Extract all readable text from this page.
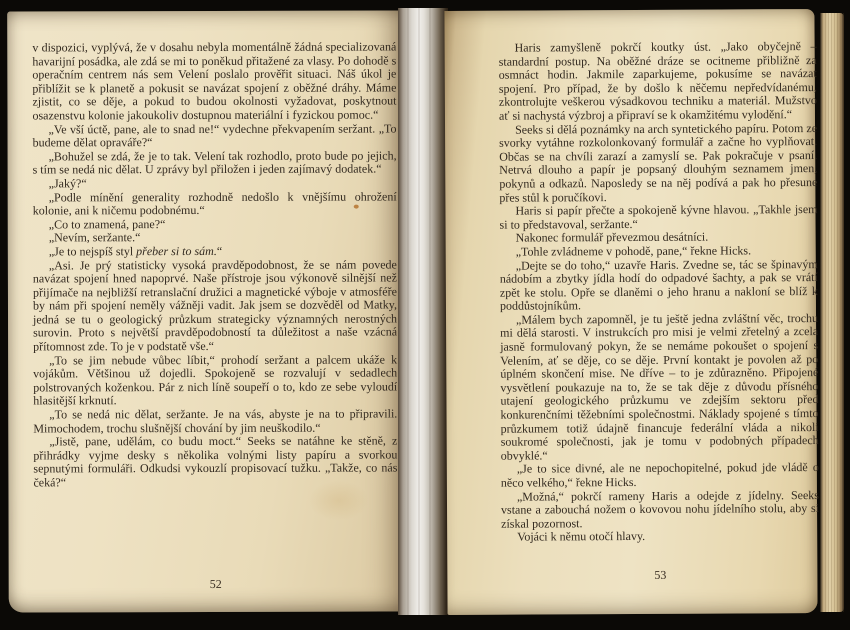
v dispozici, vyplývá, že v dosahu nebyla momentálně žádná specializovaná havarijní posádka, ale zdá se mi to poněkud přitažené za vlasy. Po dohodě s operačním centrem nás sem Velení poslalo prověřit situaci. Náš úkol je přiblížit se k planetě a pokusit se navázat spojení z oběžné dráhy. Máme zjistit, co se děje, a pokud to budou okolnosti vyžadovat, poskytnout osazenstvu kolonie jakoukoliv dostupnou materiální i fyzickou pomoc.“

„Ve vší úctě, pane, ale to snad ne!“ vydechne překvapením seržant. „To budeme dělat opraváře?“

„Bohužel se zdá, že je to tak. Velení tak rozhodlo, proto bude po jejich, s tím se nedá nic dělat. U zprávy byl přiložen i jeden zajímavý dodatek.“

„Jaký?“

„Podle mínění generality rozhodně nedošlo k vnějšímu ohrožení kolonie, ani k ničemu podobnému.“

„Co to znamená, pane?“

„Nevím, seržante.“

„Je to nejspíš styl přeber si to sám.“

„Asi. Je prý statisticky vysoká pravděpodobnost, že se nám povede navázat spojení hned napoprvé. Naše přístroje jsou výkonově silnější než přijímače na nejbližší retranslační družici a magnetické výboje v atmosféře by nám při spojení neměly vážněji vadit. Jak jsem se dozvěděl od Matky, jedná se tu o geologický průzkum strategicky významných nerostných surovin. Proto s největší pravděpodobností ta důležitost a naše vzácná přítomnost zde. To je v podstatě vše.“

„To se jim nebude vůbec líbit,“ prohodí seržant a palcem ukáže k vojákům. Většinou už dojedli. Spokojeně se rozvalují v sedadlech polstrovaných koženkou. Pár z nich líně soupeří o to, kdo ze sebe vyloudí hlasitější krknutí.

„To se nedá nic dělat, seržante. Je na vás, abyste je na to připravili. Mimochodem, trochu slušnější chování by jim neuškodilo.“

„Jistě, pane, udělám, co budu moct.“ Seeks se natáhne ke stěně, z přihrádky vyjme desky s několika volnými listy papíru a svorkou sepnutými formuláři. Odkudsi vykouzlí propisovací tužku. „Takže, co nás čeká?“

52

Haris zamyšleně pokrčí koutky úst. „Jako obyčejně – standardní postup. Na oběžné dráze se ocitneme přibližně za osmnáct hodin. Jakmile zaparkujeme, pokusíme se navázat spojení. Pro případ, že by došlo k něčemu nepředvídanému, zkontrolujte veškerou výsadkovou techniku a materiál. Mužstvo ať si nachystá výzbroj a připraví se k okamžitému vylodění.“

Seeks si dělá poznámky na arch syntetického papíru. Potom ze svorky vytáhne rozkolonkovaný formulář a začne ho vyplňovat. Občas se na chvíli zarazí a zamyslí se. Pak pokračuje v psaní. Netrvá dlouho a papír je popsaný dlouhým seznamem jmen, pokynů a odkazů. Naposledy se na něj podívá a pak ho přesune přes stůl k poručíkovi.

Haris si papír přečte a spokojeně kývne hlavou. „Takhle jsem si to představoval, seržante.“

Nakonec formulář převezmou desátníci.

„Tohle zvládneme v pohodě, pane,“ řekne Hicks.

„Dejte se do toho,“ uzavře Haris. Zvedne se, tác se špinavým nádobím a zbytky jídla hodí do odpadové šachty, a pak se vrátí zpět ke stolu. Opře se dlaněmi o jeho hranu a nakloní se blíž k poddůstojníkům.

„Málem bych zapomněl, je tu ještě jedna zvláštní věc, trochu mi dělá starosti. V instrukcích pro misi je velmi zřetelný a zcela jasně formulovaný pokyn, že se nemáme pokoušet o spojení s Velením, ať se děje, co se děje. První kontakt je povolen až po úplném skončení mise. Ne dříve – to je zdůrazněno. Připojené vysvětlení poukazuje na to, že se tak děje z důvodu přísného utajení geologického průzkumu ve zdejším sektoru před konkurenčními těžebními společnostmi. Náklady spojené s tímto průzkumem totiž údajně financuje federální vláda a nikoli soukromé společnosti, jak je tomu v podobných případech obvyklé.“

„Je to sice divné, ale ne nepochopitelné, pokud jde vládě o něco velkého,“ řekne Hicks.

„Možná,“ pokrčí rameny Haris a odejde z jídelny. Seeks vstane a zabouchá nožem o kovovou nohu jídelního stolu, aby si získal pozornost.

Vojáci k němu otočí hlavy.

53
